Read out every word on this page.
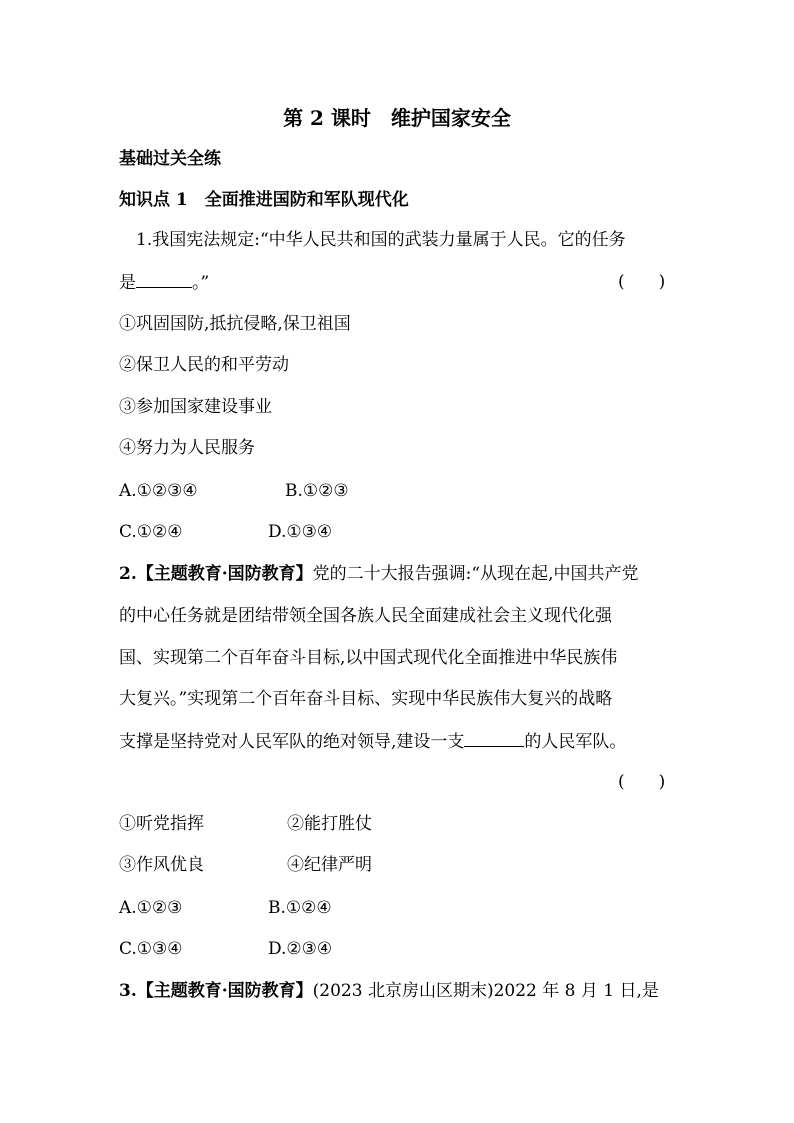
第 2 课时　维护国家安全
基础过关全练
知识点 1　全面推进国防和军队现代化
1.我国宪法规定:“中华人民共和国的武装力量属于人民。它的任务
是	。”	(　　)
①巩固国防,抵抗侵略,保卫祖国
②保卫人民的和平劳动
③参加国家建设事业
④努力为人民服务
A.①②③④	B.①②③
C.①②④	D.①③④
2.【主题教育·国防教育】党的二十大报告强调:“从现在起,中国共产党
的中心任务就是团结带领全国各族人民全面建成社会主义现代化强
国、实现第二个百年奋斗目标,以中国式现代化全面推进中华民族伟
大复兴。”实现第二个百年奋斗目标、实现中华民族伟大复兴的战略
支撑是坚持党对人民军队的绝对领导,建设一支	的人民军队。
(　　)
①听党指挥	②能打胜仗
③作风优良	④纪律严明
A.①②③	B.①②④
C.①③④	D.②③④
3.【主题教育·国防教育】(2023 北京房山区期末)2022 年 8 月 1 日,是
